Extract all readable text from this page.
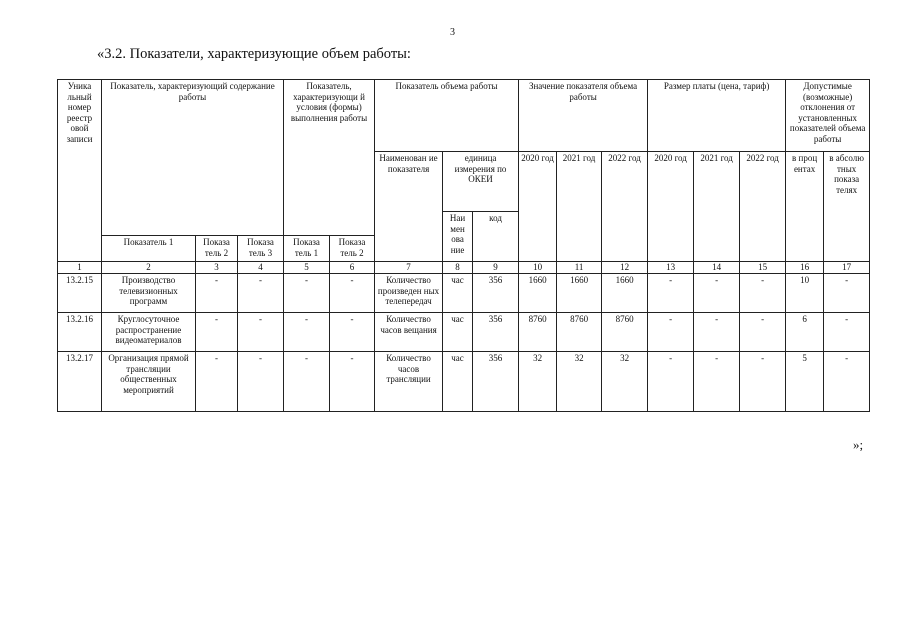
3
«3.2. Показатели, характеризующие объем работы:
Уника льный номер реестр овой записи	Показатель, характеризующий содержание работы			Показатель, характеризующи й условия (формы) выполнения работы		Показатель объема работы			Значение показателя объема работы			Размер платы (цена, тариф)			Допустимые (возможные) отклонения от установленных показателей объема работы	
						Наименован ие показателя	единица измерения по ОКЕИ		2020 год	2021 год	2022 год	2020 год	2021 год	2022 год	в проц ентах	в абсолю тных показа телях
							Наи мен ова ние	код								
	Показатель 1	Показа тель 2	Показа тель 3	Показа тель 1	Показа тель 2											
1	2	3	4	5	6	7	8	9	10	11	12	13	14	15	16	17
13.2.15	Производство телевизионных программ	-	-	-	-	Количество произведен ных телепередач	час	356	1660	1660	1660	-	-	-	10	-
13.2.16	Круглосуточное распространение видеоматериалов	-	-	-	-	Количество часов вещания	час	356	8760	8760	8760	-	-	-	6	-
13.2.17	Организация прямой трансляции общественных мероприятий	-	-	-	-	Количество часов трансляции	час	356	32	32	32	-	-	-	5	-
»;
